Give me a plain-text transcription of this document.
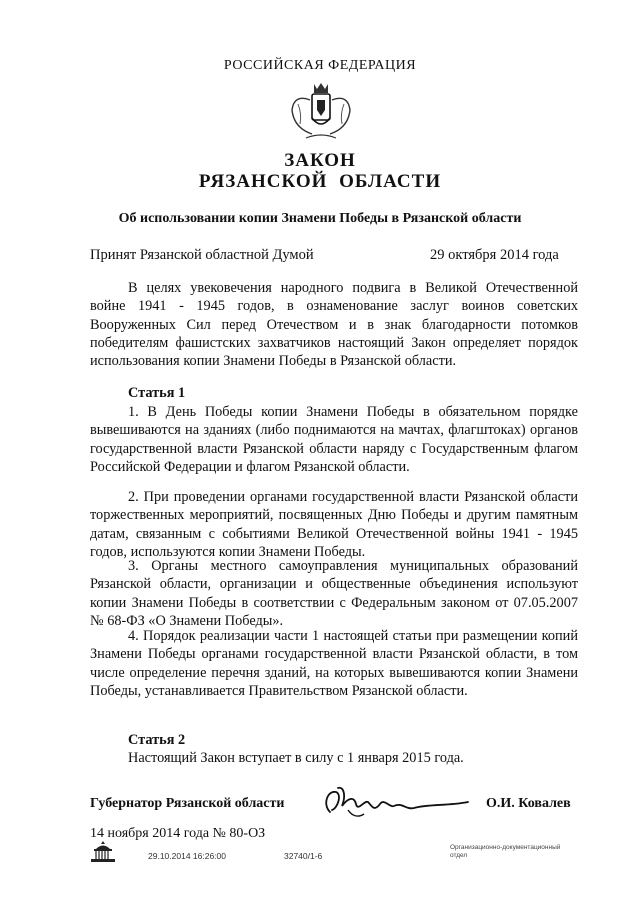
РОССИЙСКАЯ ФЕДЕРАЦИЯ
ЗАКОН
РЯЗАНСКОЙ ОБЛАСТИ
Об использовании копии Знамени Победы в Рязанской области
Принят Рязанской областной Думой	29 октября 2014 года

В целях увековечения народного подвига в Великой Отечественной войне 1941 - 1945 годов, в ознаменование заслуг воинов советских Вооруженных Сил перед Отечеством и в знак благодарности потомков победителям фашистских захватчиков настоящий Закон определяет порядок использования копии Знамени Победы в Рязанской области.

Статья 1

1. В День Победы копии Знамени Победы в обязательном порядке вывешиваются на зданиях (либо поднимаются на мачтах, флагштоках) органов государственной власти Рязанской области наряду с Государственным флагом Российской Федерации и флагом Рязанской области.

2. При проведении органами государственной власти Рязанской области торжественных мероприятий, посвященных Дню Победы и другим памятным датам, связанным с событиями Великой Отечественной войны 1941 - 1945 годов, используются копии Знамени Победы.

3. Органы местного самоуправления муниципальных образований Рязанской области, организации и общественные объединения используют копии Знамени Победы в соответствии с Федеральным законом от 07.05.2007 № 68-ФЗ «О Знамени Победы».

4. Порядок реализации части 1 настоящей статьи при размещении копий Знамени Победы органами государственной власти Рязанской области, в том числе определение перечня зданий, на которых вывешиваются копии Знамени Победы, устанавливается Правительством Рязанской области.

Статья 2

Настоящий Закон вступает в силу с 1 января 2015 года.

Губернатор Рязанской области	О.И. Ковалев
14 ноября 2014 года № 80-ОЗ
29.10.2014 16:26:00	32740/1-6
Организационно-документационный
отдел
